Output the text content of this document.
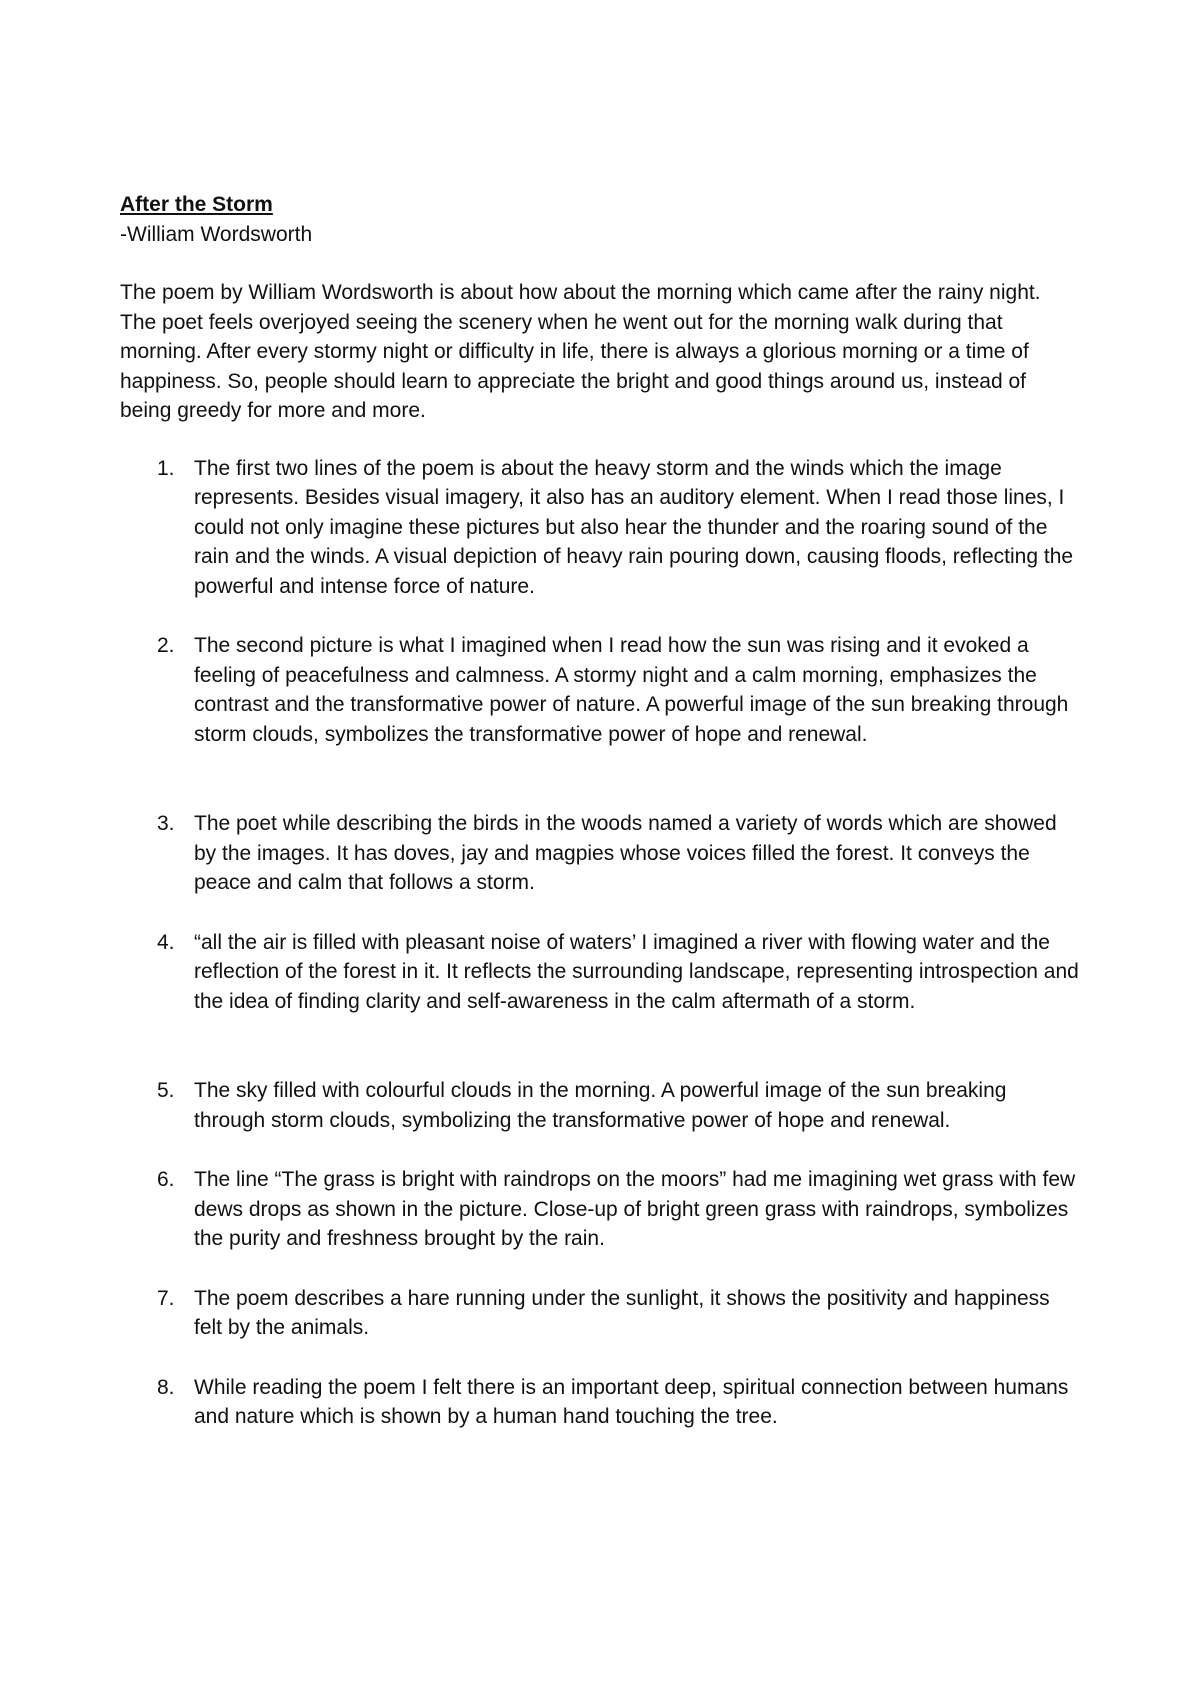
After the Storm

-William Wordsworth

The poem by William Wordsworth is about how about the morning which came after the rainy night. The poet feels overjoyed seeing the scenery when he went out for the morning walk during that morning. After every stormy night or difficulty in life, there is always a glorious morning or a time of happiness. So, people should learn to appreciate the bright and good things around us, instead of being greedy for more and more.

1. The first two lines of the poem is about the heavy storm and the winds which the image represents. Besides visual imagery, it also has an auditory element. When I read those lines, I could not only imagine these pictures but also hear the thunder and the roaring sound of the rain and the winds. A visual depiction of heavy rain pouring down, causing floods, reflecting the powerful and intense force of nature.
2. The second picture is what I imagined when I read how the sun was rising and it evoked a feeling of peacefulness and calmness. A stormy night and a calm morning, emphasizes the contrast and the transformative power of nature. A powerful image of the sun breaking through storm clouds, symbolizes the transformative power of hope and renewal.
3. The poet while describing the birds in the woods named a variety of words which are showed by the images. It has doves, jay and magpies whose voices filled the forest. It conveys the peace and calm that follows a storm.
4. “all the air is filled with pleasant noise of waters’ I imagined a river with flowing water and the reflection of the forest in it. It reflects the surrounding landscape, representing introspection and the idea of finding clarity and self-awareness in the calm aftermath of a storm.
5. The sky filled with colourful clouds in the morning. A powerful image of the sun breaking through storm clouds, symbolizing the transformative power of hope and renewal.
6. The line “The grass is bright with raindrops on the moors” had me imagining wet grass with few dews drops as shown in the picture. Close-up of bright green grass with raindrops, symbolizes the purity and freshness brought by the rain.
7. The poem describes a hare running under the sunlight, it shows the positivity and happiness felt by the animals.
8. While reading the poem I felt there is an important deep, spiritual connection between humans and nature which is shown by a human hand touching the tree.
